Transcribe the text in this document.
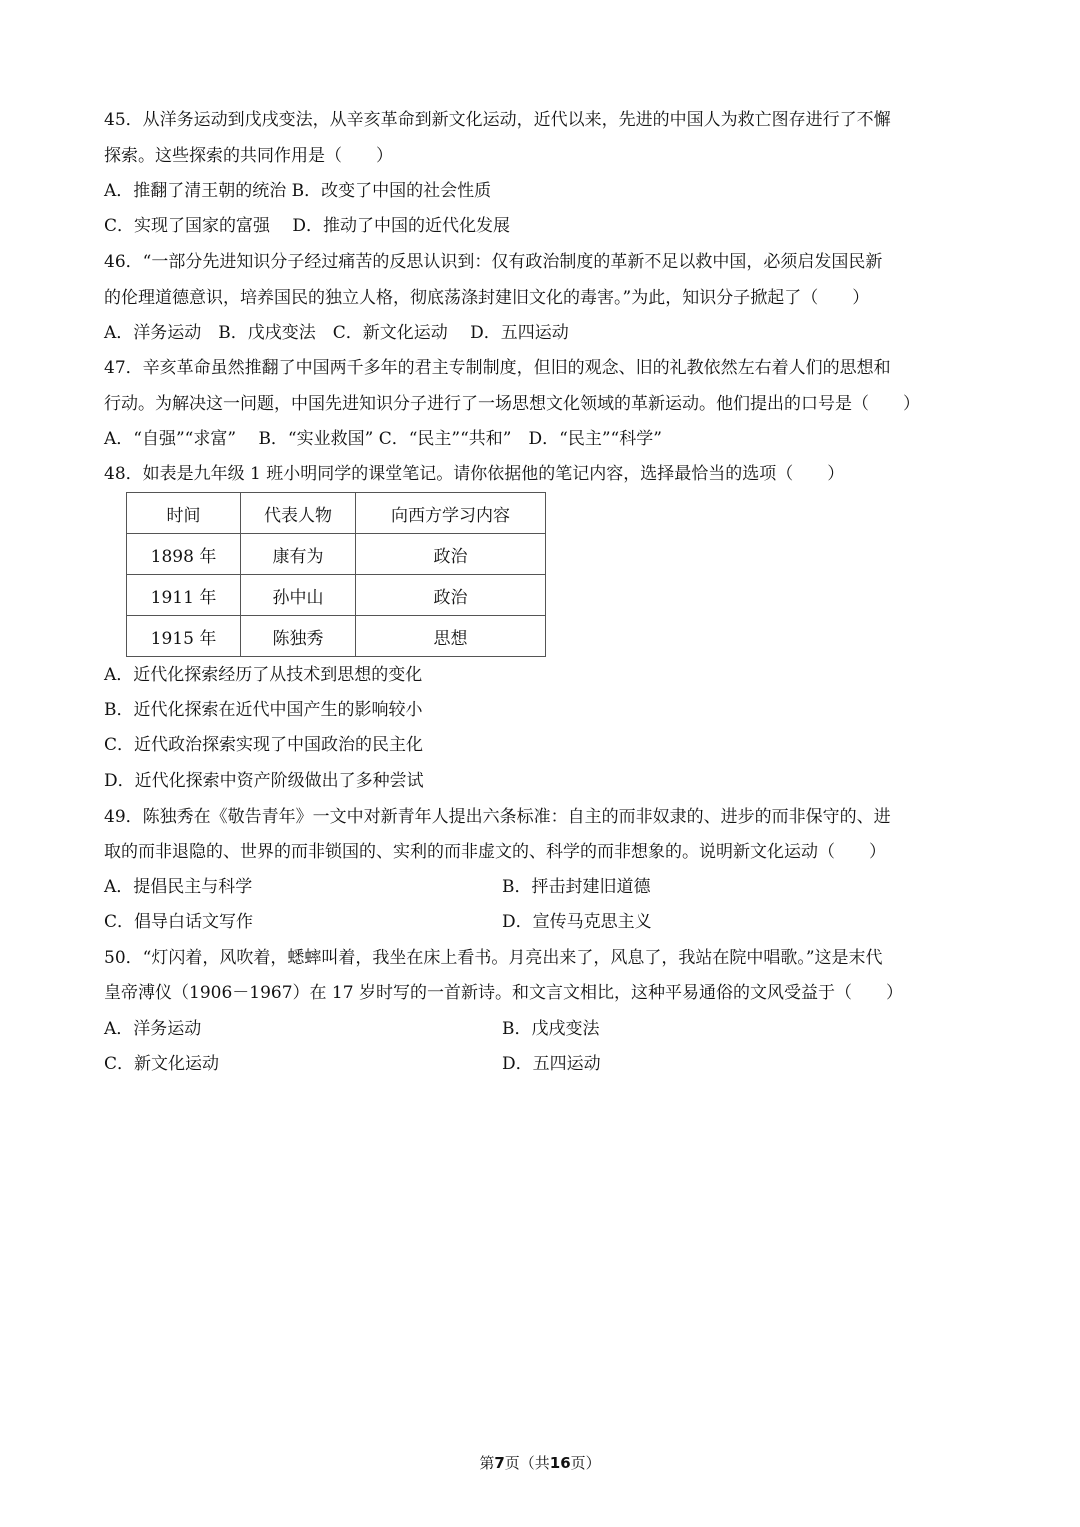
45．从洋务运动到戊戌变法，从辛亥革命到新文化运动，近代以来，先进的中国人为救亡图存进行了不懈
探索。这些探索的共同作用是（　　）
A．推翻了清王朝的统治 B．改变了中国的社会性质
C．实现了国家的富强　 D．推动了中国的近代化发展
46．“一部分先进知识分子经过痛苦的反思认识到：仅有政治制度的革新不足以救中国，必须启发国民新
的伦理道德意识，培养国民的独立人格，彻底荡涤封建旧文化的毒害。”为此，知识分子掀起了（　　）
A．洋务运动　B．戊戌变法　C．新文化运动　 D．五四运动
47．辛亥革命虽然推翻了中国两千多年的君主专制制度，但旧的观念、旧的礼教依然左右着人们的思想和
行动。为解决这一问题，中国先进知识分子进行了一场思想文化领域的革新运动。他们提出的口号是（　　）
A．“自强”“求富”　 B．“实业救国” C．“民主”“共和”　D．“民主”“科学”
48．如表是九年级 1 班小明同学的课堂笔记。请你依据他的笔记内容，选择最恰当的选项（　　）
时间	代表人物	向西方学习内容
1898 年	康有为	政治
1911 年	孙中山	政治
1915 年	陈独秀	思想
A．近代化探索经历了从技术到思想的变化
B．近代化探索在近代中国产生的影响较小
C．近代政治探索实现了中国政治的民主化
D．近代化探索中资产阶级做出了多种尝试
49．陈独秀在《敬告青年》一文中对新青年人提出六条标准：自主的而非奴隶的、进步的而非保守的、进
取的而非退隐的、世界的而非锁国的、实利的而非虚文的、科学的而非想象的。说明新文化运动（　　）
A．提倡民主与科学	B．抨击封建旧道德
C．倡导白话文写作	D．宣传马克思主义
50．“灯闪着，风吹着，蟋蟀叫着，我坐在床上看书。月亮出来了，风息了，我站在院中唱歌。”这是末代
皇帝溥仪（1906－1967）在 17 岁时写的一首新诗。和文言文相比，这种平易通俗的文风受益于（　　）
A．洋务运动	B．戊戌变法
C．新文化运动	D．五四运动
第7页（共16页）
